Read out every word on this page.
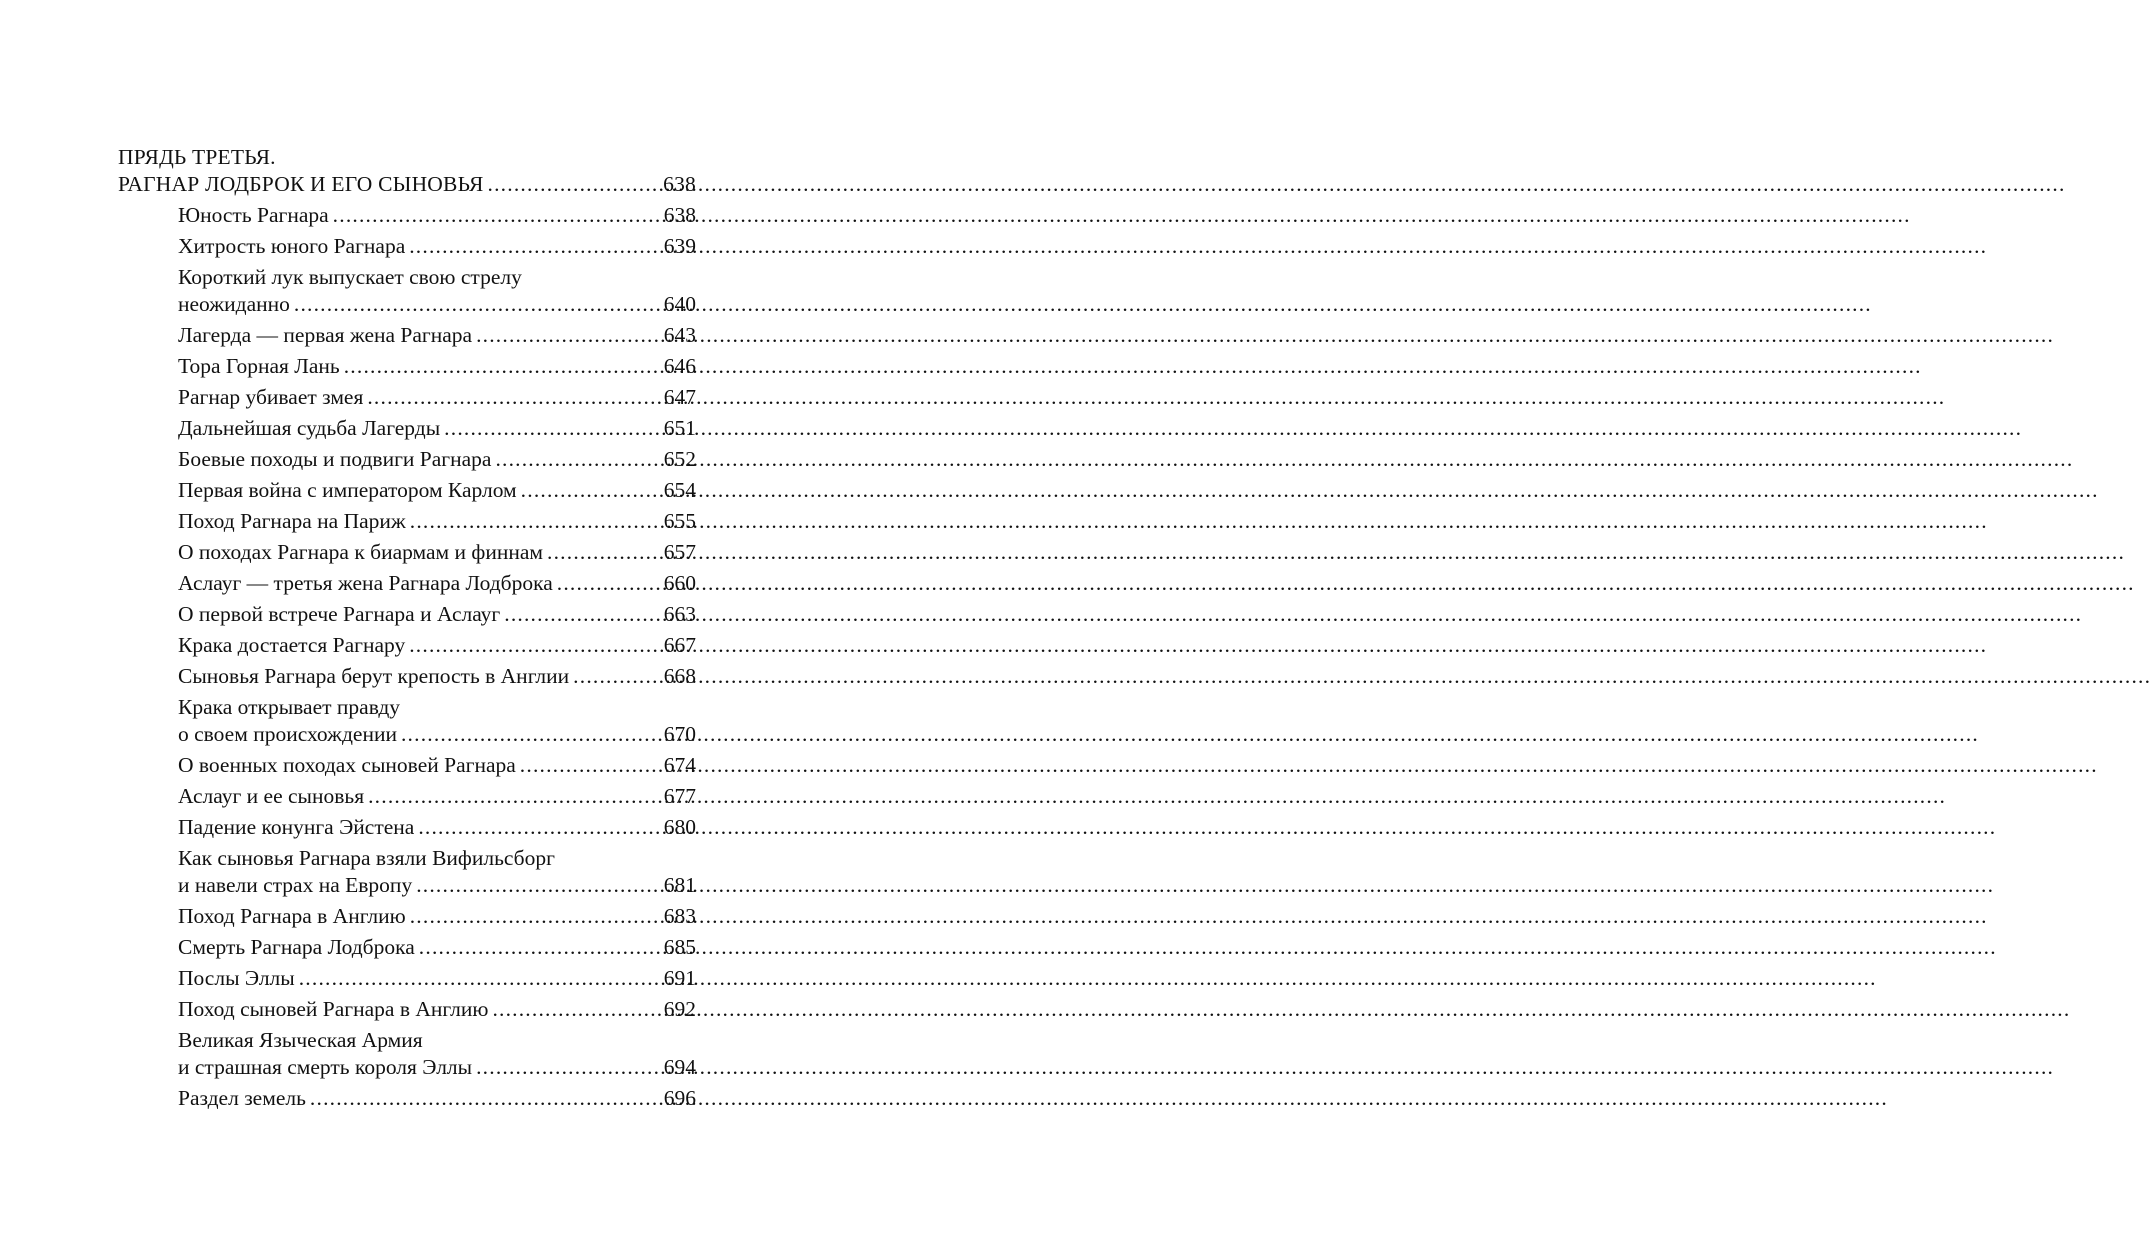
ПРЯДЬ ТРЕТЬЯ.
РАГНАР ЛОДБРОК И ЕГО СЫНОВЬЯ .....	638
Юность Рагнара .....	638
Хитрость юного Рагнара .....	639
Короткий лук выпускает свою стрелу
неожиданно .....	640
Лагерда — первая жена Рагнара .....	643
Тора Горная Лань .....	646
Рагнар убивает змея .....	647
Дальнейшая судьба Лагерды .....	651
Боевые походы и подвиги Рагнара .....	652
Первая война с императором Карлом .....	654
Поход Рагнара на Париж .....	655
О походах Рагнара к биармам и финнам .....	657
Аслауг — третья жена Рагнара Лодброка .....	660
О первой встрече Рагнара и Аслауг .....	663
Крака достается Рагнару .....	667
Сыновья Рагнара берут крепость в Англии .....	668
Крака открывает правду
о своем происхождении .....	670
О военных походах сыновей Рагнара .....	674
Аслауг и ее сыновья .....	677
Падение конунга Эйстена .....	680
Как сыновья Рагнара взяли Вифильсборг
и навели страх на Европу .....	681
Поход Рагнара в Англию .....	683
Смерть Рагнара Лодброка .....	685
Послы Эллы .....	691
Поход сыновей Рагнара в Англию .....	692
Великая Языческая Армия
и страшная смерть короля Эллы .....	694
Раздел земель .....	696
